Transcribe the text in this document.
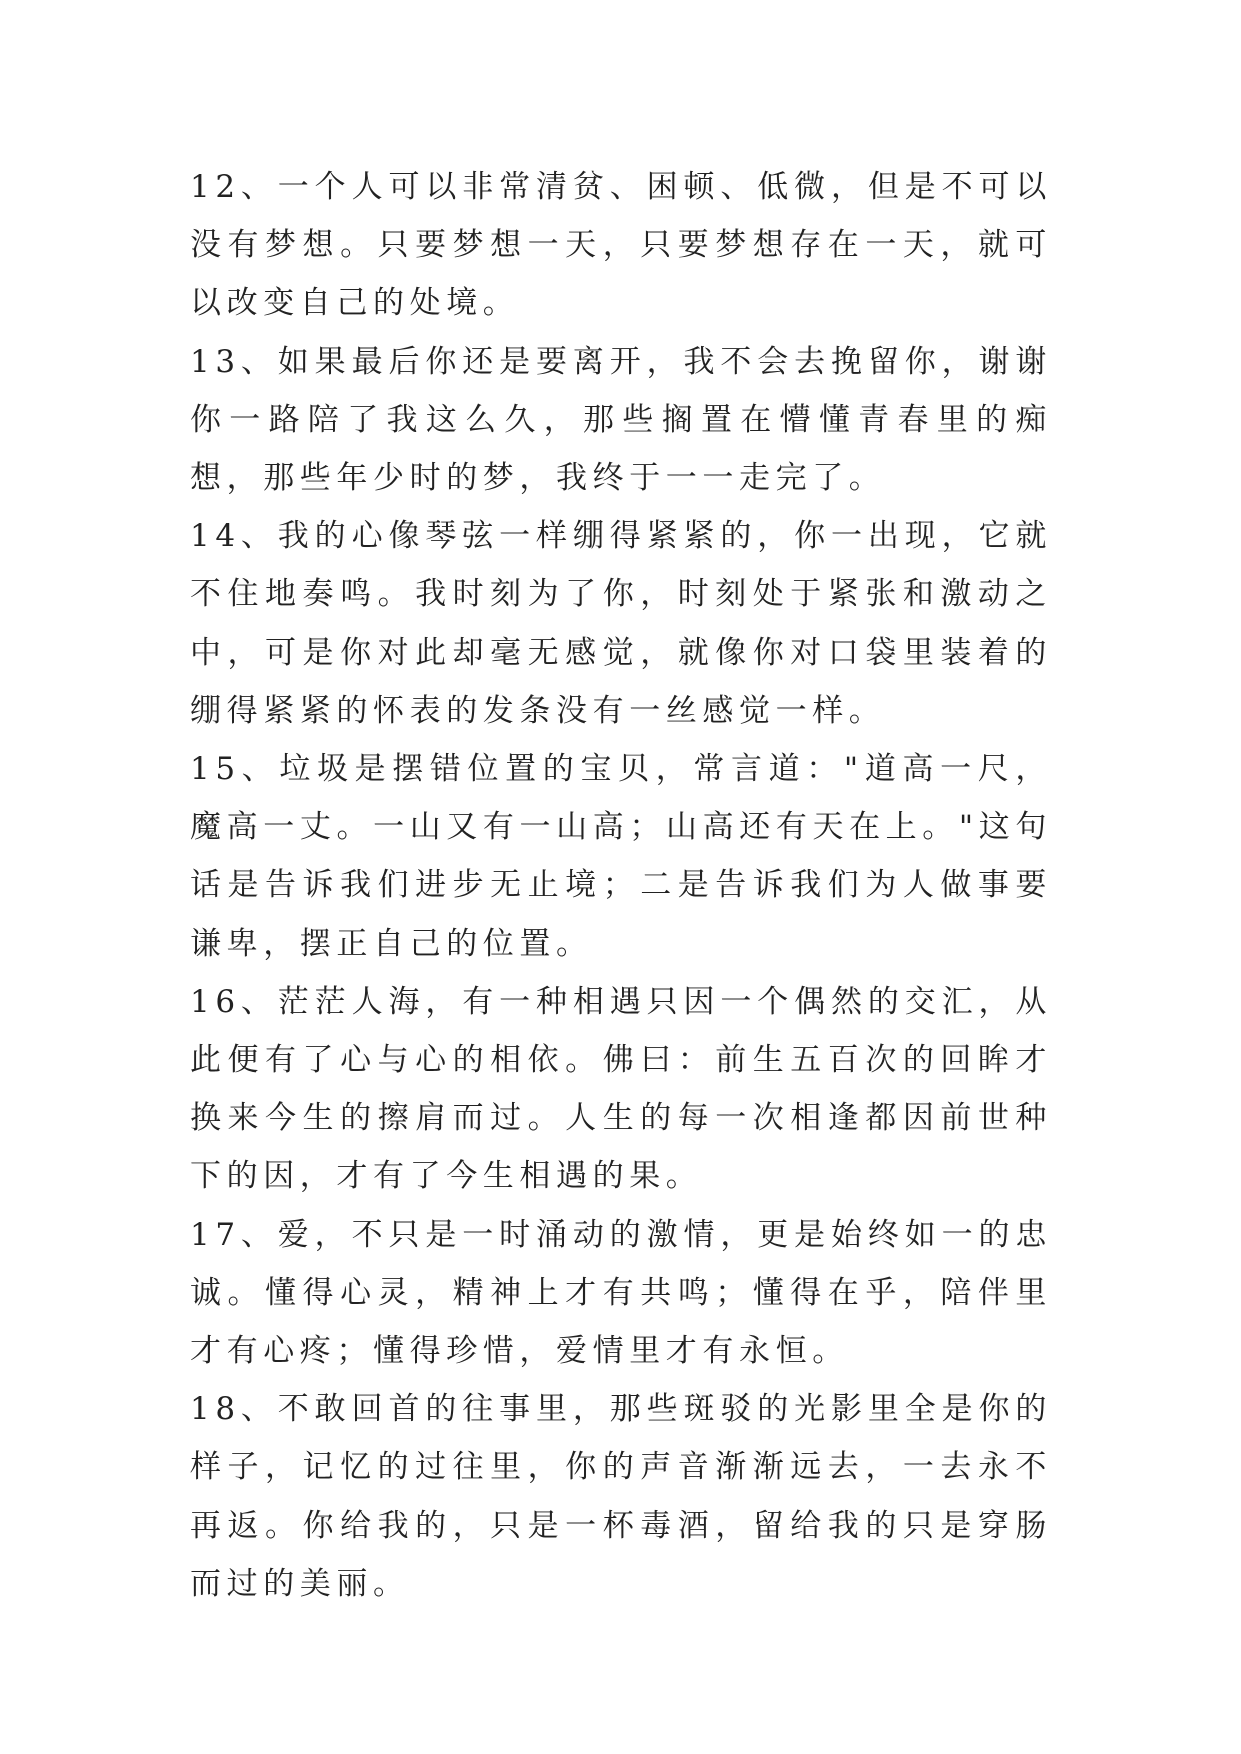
12、一个人可以非常清贫、困顿、低微，但是不可以没有梦想。只要梦想一天，只要梦想存在一天，就可以改变自己的处境。

13、如果最后你还是要离开，我不会去挽留你，谢谢你一路陪了我这么久，那些搁置在懵懂青春里的痴想，那些年少时的梦，我终于一一走完了。

14、我的心像琴弦一样绷得紧紧的，你一出现，它就不住地奏鸣。我时刻为了你，时刻处于紧张和激动之中，可是你对此却毫无感觉，就像你对口袋里装着的绷得紧紧的怀表的发条没有一丝感觉一样。

15、垃圾是摆错位置的宝贝，常言道："道高一尺，魔高一丈。一山又有一山高；山高还有天在上。"这句话是告诉我们进步无止境；二是告诉我们为人做事要谦卑，摆正自己的位置。

16、茫茫人海，有一种相遇只因一个偶然的交汇，从此便有了心与心的相依。佛曰：前生五百次的回眸才换来今生的擦肩而过。人生的每一次相逢都因前世种下的因，才有了今生相遇的果。

17、爱，不只是一时涌动的激情，更是始终如一的忠诚。懂得心灵，精神上才有共鸣；懂得在乎，陪伴里才有心疼；懂得珍惜，爱情里才有永恒。

18、不敢回首的往事里，那些斑驳的光影里全是你的样子，记忆的过往里，你的声音渐渐远去，一去永不再返。你给我的，只是一杯毒酒，留给我的只是穿肠而过的美丽。
